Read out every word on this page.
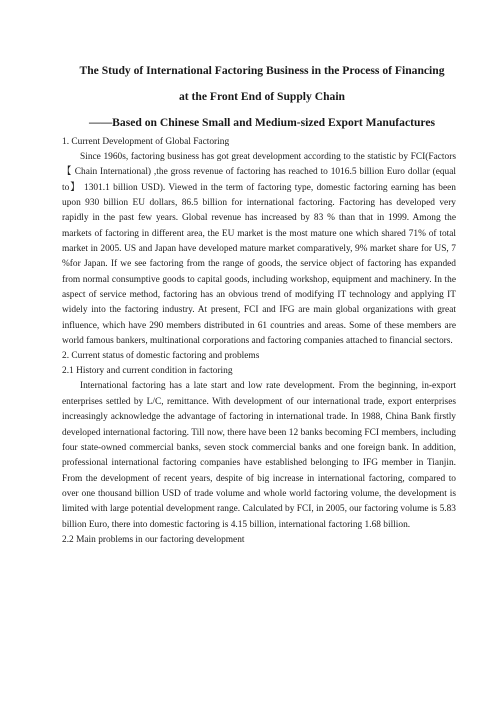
The Study of International Factoring Business in the Process of Financing

at the Front End of Supply Chain

——Based on Chinese Small and Medium-sized Export Manufactures

1. Current Development of Global Factoring

Since 1960s, factoring business has got great development according to the statistic by FCI(Factors【 Chain International) ,the gross revenue of factoring has reached to 1016.5 billion Euro dollar (equal to】 1301.1 billion USD). Viewed in the term of factoring type, domestic factoring earning has been upon 930 billion EU dollars, 86.5 billion for international factoring. Factoring has developed very rapidly in the past few years. Global revenue has increased by 83 % than that in 1999. Among the markets of factoring in different area, the EU market is the most mature one which shared 71% of total market in 2005. US and Japan have developed mature market comparatively, 9% market share for US, 7 %for Japan. If we see factoring from the range of goods, the service object of factoring has expanded from normal consumptive goods to capital goods, including workshop, equipment and machinery. In the aspect of service method, factoring has an obvious trend of modifying IT technology and applying IT widely into the factoring industry. At present, FCI and IFG are main global organizations with great influence, which have 290 members distributed in 61 countries and areas. Some of these members are world famous bankers, multinational corporations and factoring companies attached to financial sectors.

2. Current status of domestic factoring and problems

2.1 History and current condition in factoring

International factoring has a late start and low rate development. From the beginning, in-export enterprises settled by L/C, remittance. With development of our international trade, export enterprises increasingly acknowledge the advantage of factoring in international trade. In 1988, China Bank firstly developed international factoring. Till now, there have been 12 banks becoming FCI members, including four state-owned commercial banks, seven stock commercial banks and one foreign bank. In addition, professional international factoring companies have established belonging to IFG member in Tianjin. From the development of recent years, despite of big increase in international factoring, compared to over one thousand billion USD of trade volume and whole world factoring volume, the development is limited with large potential development range. Calculated by FCI, in 2005, our factoring volume is 5.83 billion Euro, there into domestic factoring is 4.15 billion, international factoring 1.68 billion.

2.2 Main problems in our factoring development
